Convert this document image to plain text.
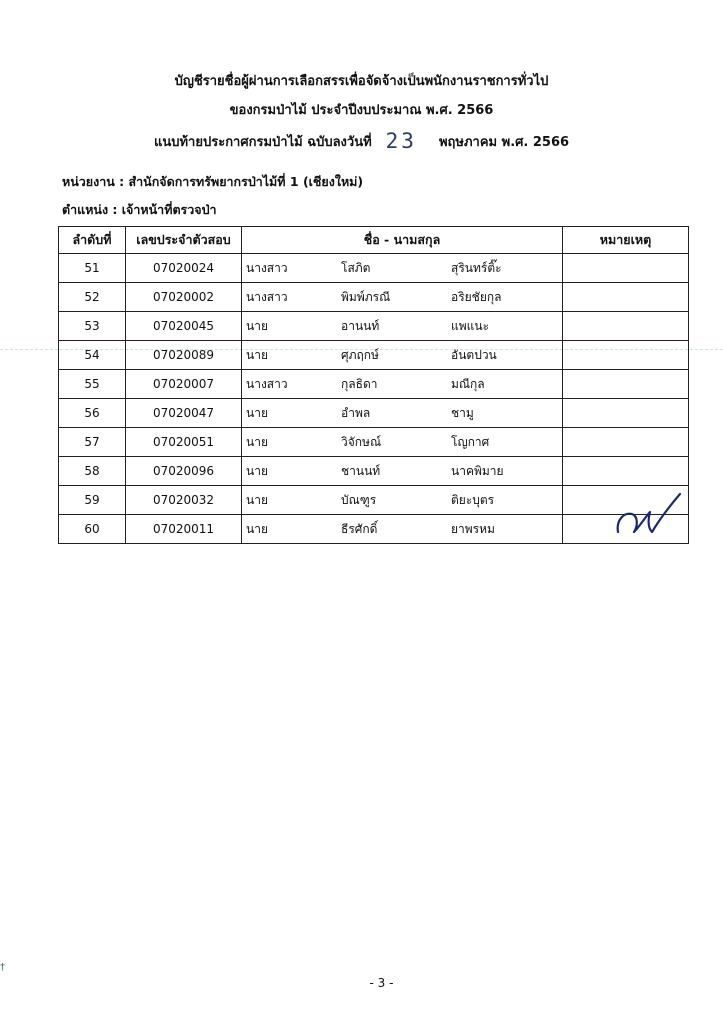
†
บัญชีรายชื่อผู้ผ่านการเลือกสรรเพื่อจัดจ้างเป็นพนักงานราชการทั่วไป
ของกรมป่าไม้ ประจำปีงบประมาณ พ.ศ. 2566
แนบท้ายประกาศกรมป่าไม้ ฉบับลงวันที่ 23 พฤษภาคม พ.ศ. 2566
หน่วยงาน : สำนักจัดการทรัพยากรป่าไม้ที่ 1 (เชียงใหม่)
ตำแหน่ง : เจ้าหน้าที่ตรวจป่า
ลำดับที่	เลขประจำตัวสอบ	ชื่อ - นามสกุล	หมายเหตุ
51	07020024	นางสาว โสภิต สุรินทร์ติ๊ะ	

52	07020002	นางสาว พิมพ์ภรณี อริยชัยกุล	

53	07020045	นาย อานนท์ แพแนะ	

54	07020089	นาย ศุภฤกษ์ อันตปวน	

55	07020007	นางสาว กุลธิดา มณีกุล	

56	07020047	นาย อำพล ชามู	

57	07020051	นาย วิจักษณ์ โญกาศ	

58	07020096	นาย ชานนท์ นาคพิมาย	

59	07020032	นาย บัณฑูร ติยะบุตร	

60	07020011	นาย ธีรศักดิ์ ยาพรหม	

- 3 -
